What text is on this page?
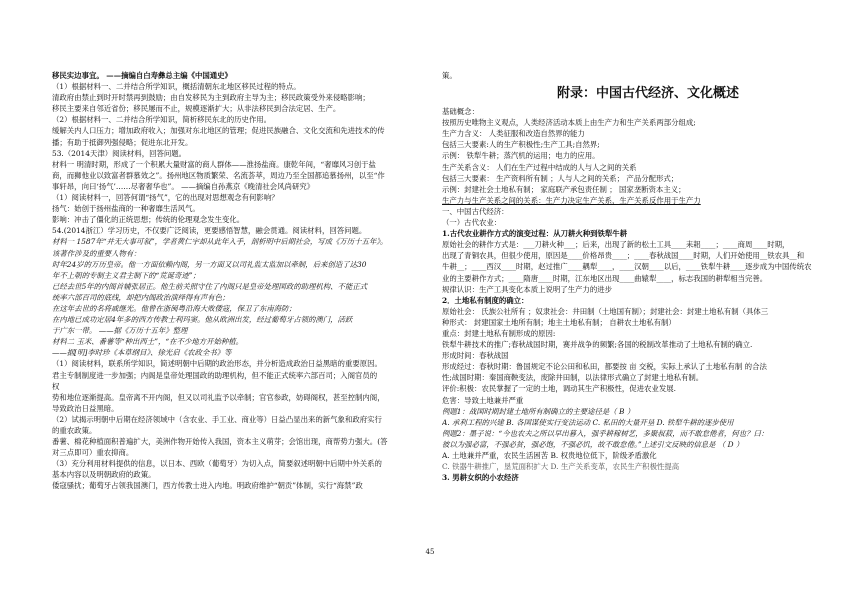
移民实边事宜。 ——摘编自白寿彝总主编《中国通史》

（1）根据材料一、二并结合所学知识，概括清朝东北地区移民过程的特点。

清政府由禁止到时开时禁再到鼓励；由自发移民为主到政府主导为主；移民政策受外来侵略影响；

移民主要来自邻近省份；移民屡而不止，规模逐渐扩大；从非法移民到合法定居、生产。

（2）根据材料一、二并结合所学知识，简析移民东北的历史作用。

缓解关内人口压力；增加政府收入；加强对东北地区的管理；促进民族融合、文化交流和先进技术的传

播；有助于抵御列强侵略；促进东北开发。

53.（2014天津）阅读材料，回答问题。

材料一 明清时期，形成了一个积累大量财富的商人群体——淮扬盐商。康乾年间，“奢靡风习创于盐

商，而狮他业以致富者群慕效之”。扬州地区物质繁荣、名流荟萃，周边乃至全国都追慕扬州，以至“作

事轩昂，向曰‘扬气’……尽奢奢华也”。 ——摘编自孙燕京《晚清社会风尚研究》

（1）阅读材料一，回答何谓“扬气”，它的出现对思想观念有何影响？

扬气：始创于扬州盐商的一种奢靡生活风气。

影响：冲击了僵化的正统思想；传统的伦理观念发生变化。

54.(2014浙江）学习历史，不仅要广泛阅读，更要感悟智慧，融会贯通。阅读材料，回答问题。

材料一 1587年“并无大事可叙”，学者黄仁宇却从此年入手，剖析明中后期社会，写成《万历十五年》。

该著作涉及的重要人物有：

时年24岁的万历皇帝。他一方面依赖内阁，另一方面又以司礼监太监加以牵制，后来创造了达30

年不上朝的专制主义君主制下的“荒诞奇迹”；

已经去世5年的内阁首辅张居正。他生前关照守住了内阁只是皇帝处理国政的助理机构、不能正式

统率六部百司的底线，却把内阁政治演绎得有声有色；

在这年去世的名将戚继光。他曾在浙闽粤沿海大败倭寇，保卫了东南海防；

在内地已成功定居4年多的西方传教士利玛窦。他从欧洲出发，经过葡萄牙占领的澳门，活跃

于广东一带。 ——据《万历十五年》整理

材料二 玉米、番薯等“种出西土”，“在不少地方开始种植。

——据[明]李时珍《本草纲目》、徐光启《农政全书》等

（1）阅读材料，联系所学知识，简述明朝中后期的政治形态，并分析造成政治日益黑暗的重要原因。

君主专制制度进一步加强；内阁是皇帝处理国政的助理机构，但不能正式统率六部百司；入阁官员的

权

势和地位逐渐提高。皇帝离不开内阁，但又以司礼监予以牵制；官官参政，妨碍阁权，甚至控制内阁，

导致政治日益黑暗。

（2）试揭示明朝中后期在经济领域中（含农业、手工业、商业等）日益凸显出来的新气象和政府实行

的重农政策。

番薯、棉花种植面积普遍扩大，美洲作物开始传入我国，资本主义萌芽；会馆出现，商帮势力强大。(答

对三点即可）重农抑商。

（3）充分利用材料提供的信息，以日本、西欧（葡萄牙）为切入点，简要叙述明朝中后期中外关系的

基本内容以及明朝政府的政策。

倭寇骚扰；葡萄牙占领我国澳门，西方传教士进入内地。明政府维护“朝贡”体制，实行“海禁”政

策。

附录：中国古代经济、文化概述

基础概念：

按照历史唯物主义观点，人类经济活动本质上由生产力和生产关系两部分组成;

生产力含义： 人类征服和改造自然界的能力

包括三大要素:人的生产积极性;生产工具;自然界;

示例： 铁犁牛耕；蒸汽机的运用；电力的应用。

生产关系含义： 人们在生产过程中结成的人与人之间的关系

包括三大要素： 生产资料所有制 ；人与人之间的关系； 产品分配形式；

示例：封建社会土地私有制； 家庭联产承包责任制 ； 国家垄断资本主义；

生产力与生产关系之间的关系：生产力决定生产关系，生产关系反作用于生产力

一、中国古代经济：

（一）古代农业：

1.古代农业耕作方式的演变过程：从刀耕火种到铁犁牛耕

原始社会的耕作方式是：___刀耕火种___；后来，出现了新的松土工具____耒耜____；____商周____时期，

出现了青铜农具，但很少使用，原因是____价格昂贵____；____春秋战国____时期，人们开始使用__铁农具__和

牛耕__；____西汉____时期，赵过推广____耦犁____，____汉朝____以后，____铁犁牛耕____逐步成为中国传统农

业的主要耕作方式；____隋唐____时期，江东地区出现____曲辕犁____，标志我国的耕犁相当完善。

规律认识：生产工具变化本质上说明了生产力的进步

2．土地私有制度的确立：

原始社会： 氏族公社所有 ；奴隶社会：井田制（土地国有制）；封建社会：封建土地私有制（具体三

种形式： 封建国家土地所有制；地主土地私有制； 自耕农土地私有制）

重点：封建土地私有制形成的原因:

铁犁牛耕技术的推广;春秋战国时期，赛并战争的频繁;各国的税制改革推动了土地私有制的确立.

形成时间：春秋战国

形成经过：春秋时期：鲁国规定不论公田和私田，都要按 亩 交税，实际上承认了土地私有制 的合法

性;战国时期：秦国商鞅变法，废除井田制，以法律形式确立了封建土地私有制。

评价:积极：农民掌握了一定的土地，调动其生产积极性，促进农业发展.

危害：导致土地兼并严重

例题1：战国时期封建土地所有制确立的主要途径是（ B ）

A. 承利工程的兴建 B. 各国谋使实行变法运动 C. 私田的大量开垦 D. 铁犁牛耕的逐步使用

例题2：墨子说：“今也农夫之所以早出暮入，强乎耕稼树艺，多聚叔菽，而不敢怠倦者，何也？曰：

彼以为强必富，不强必贫，强必饱，不强必饥，故不敢怠倦。”上述引文反映的信息是 （ D ）

A. 土地兼并严重，农民生活困苦 B. 权贵地位低下，阶级矛盾激化

C. 铁器牛耕推广，垦荒面积扩大 D. 生产关系变革，农民生产积极性提高

3. 男耕女织的小农经济

45
